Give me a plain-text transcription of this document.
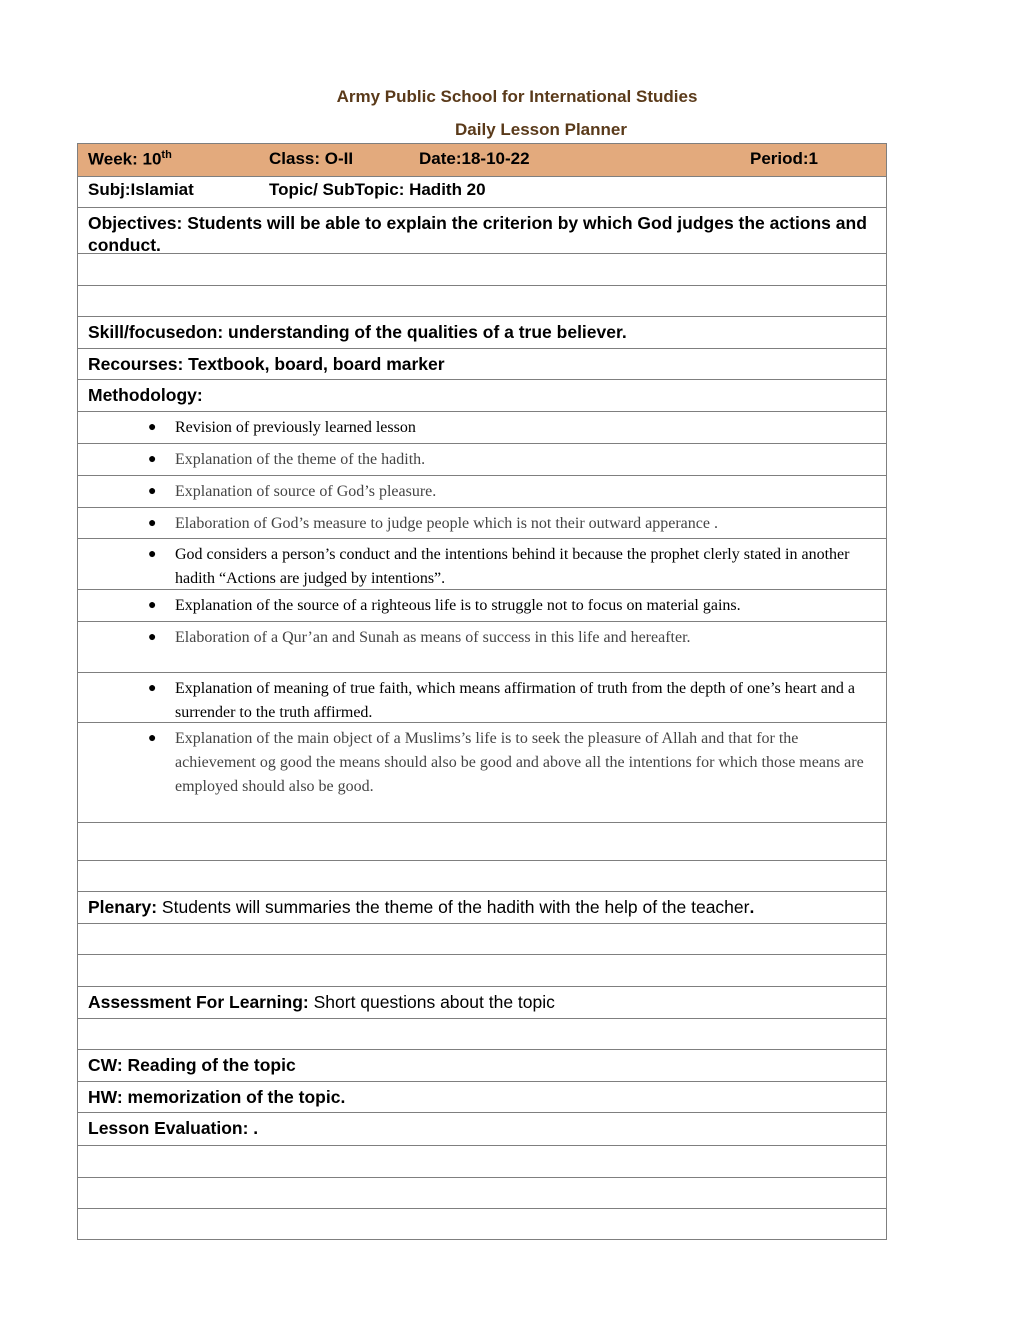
Army Public School for International Studies
Daily Lesson Planner
Week: 10th	Class: O-II	Date:18-10-22	Period:1
Subj:Islamiat	Topic/ SubTopic: Hadith 20
Objectives: Students will be able to explain the criterion by which God judges the actions and conduct.
Skill/focusedon: understanding of the qualities of a true believer.
Recourses: Textbook, board, board marker
Methodology:
●	Revision of previously learned lesson
●	Explanation of the theme of the hadith.
●	Explanation of source of God’s pleasure.
●	Elaboration of God’s measure to judge people which is not their outward apperance .
●	God considers a person’s conduct and the intentions behind it because the prophet clerly stated in another hadith “Actions are judged by intentions”.
●	Explanation of the source of a righteous life is to struggle not to focus on material gains.
●	Elaboration of a Qur’an and Sunah as means of success in this life and hereafter.
●	Explanation of meaning of true faith, which means affirmation of truth from the depth of one’s heart and a surrender to the truth affirmed.
●	Explanation of the main object of a Muslims’s life is to seek the pleasure of Allah and that for the achievement og good the means should also be good and above all the intentions for which those means are employed should also be good.
Plenary: Students will summaries the theme of the hadith with the help of the teacher.
Assessment For Learning: Short questions about the topic
CW: Reading of the topic
HW: memorization of the topic.
Lesson Evaluation: .
